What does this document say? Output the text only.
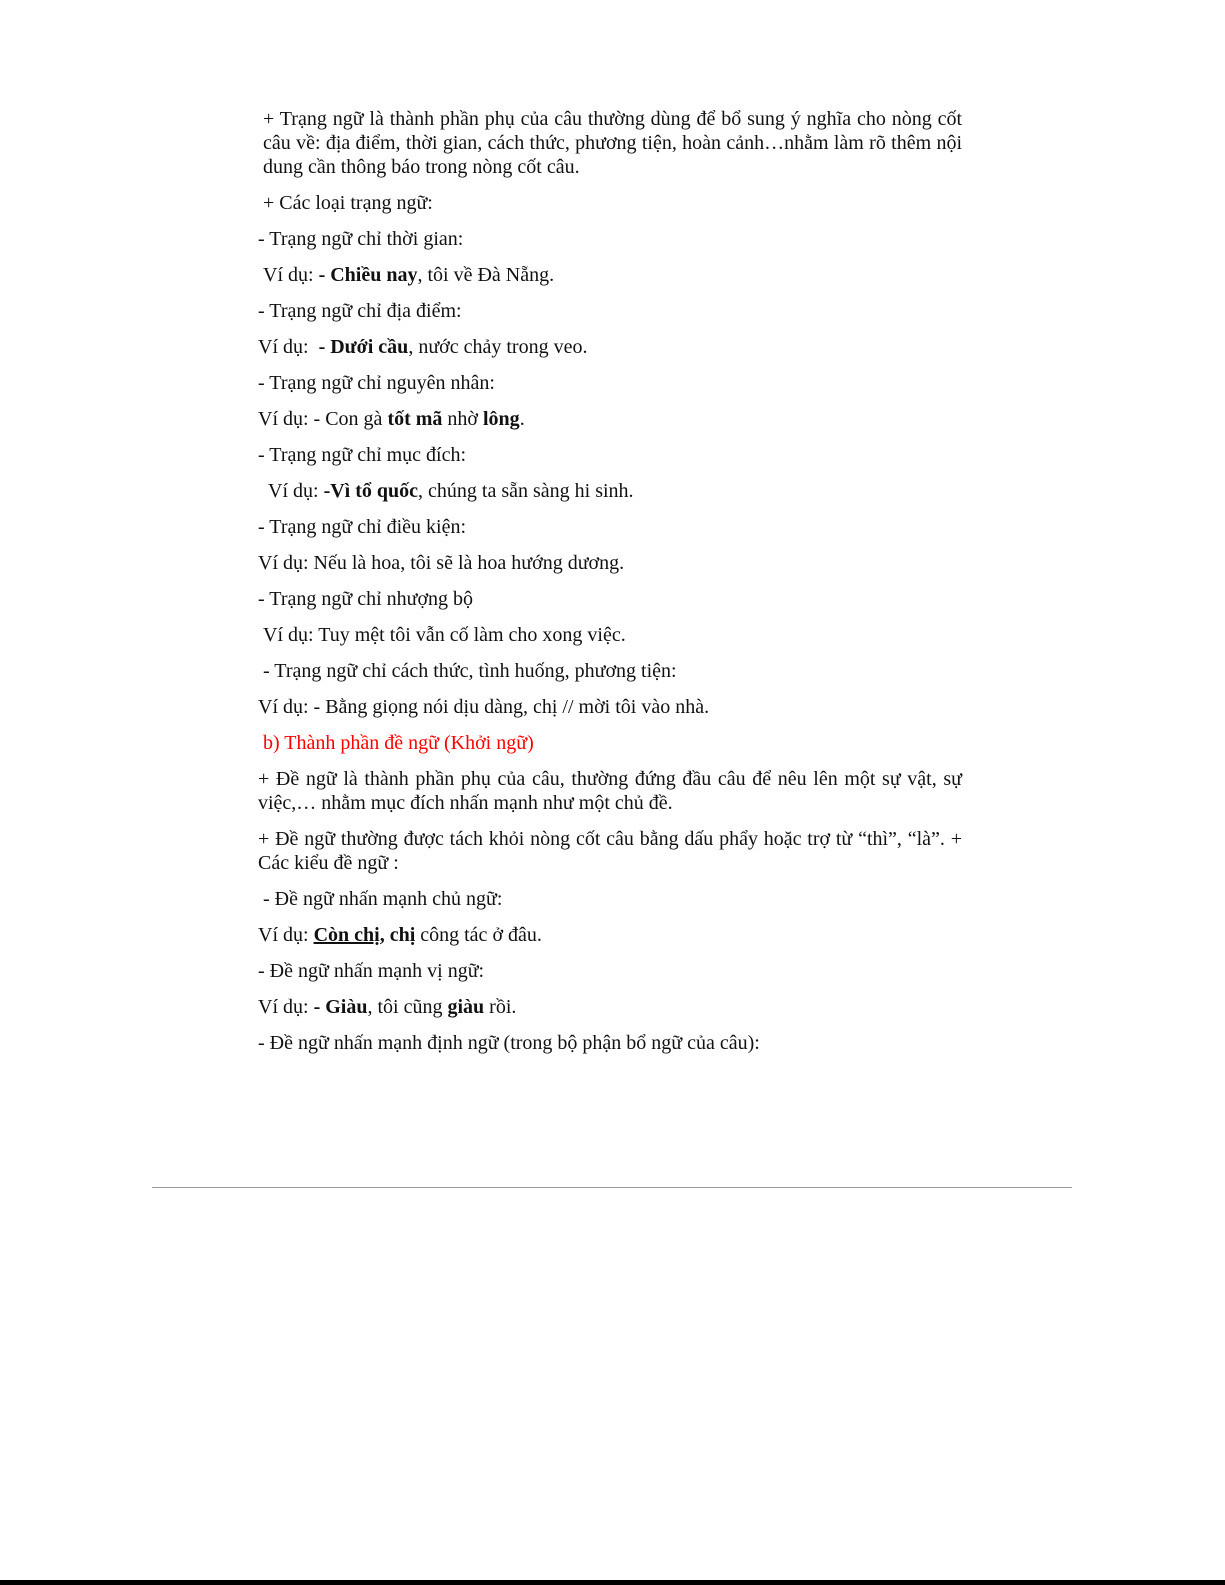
+ Trạng ngữ là thành phần phụ của câu thường dùng để bổ sung ý nghĩa cho nòng cốt câu về: địa điểm, thời gian, cách thức, phương tiện, hoàn cảnh…nhằm làm rõ thêm nội dung cần thông báo trong nòng cốt câu.

+ Các loại trạng ngữ:

- Trạng ngữ chỉ thời gian:

Ví dụ: - Chiều nay, tôi về Đà Nẵng.

- Trạng ngữ chỉ địa điểm:

Ví dụ:  - Dưới cầu, nước chảy trong veo.

- Trạng ngữ chỉ nguyên nhân:

Ví dụ: - Con gà tốt mã nhờ lông.

- Trạng ngữ chỉ mục đích:

Ví dụ: -Vì tổ quốc, chúng ta sẵn sàng hi sinh.

- Trạng ngữ chỉ điều kiện:

Ví dụ: Nếu là hoa, tôi sẽ là hoa hướng dương.

- Trạng ngữ chỉ nhượng bộ

Ví dụ: Tuy mệt tôi vẫn cố làm cho xong việc.

- Trạng ngữ chỉ cách thức, tình huống, phương tiện:

Ví dụ: - Bằng giọng nói dịu dàng, chị // mời tôi vào nhà.

b) Thành phần đề ngữ (Khởi ngữ)

+ Đề ngữ là thành phần phụ của câu, thường đứng đầu câu để nêu lên một sự vật, sự việc,… nhằm mục đích nhấn mạnh như một chủ đề.

+ Đề ngữ thường được tách khỏi nòng cốt câu bằng dấu phẩy hoặc trợ từ “thì”, “là”. + Các kiểu đề ngữ :

- Đề ngữ nhấn mạnh chủ ngữ:

Ví dụ: Còn chị, chị công tác ở đâu.

- Đề ngữ nhấn mạnh vị ngữ:

Ví dụ: - Giàu, tôi cũng giàu rồi.

- Đề ngữ nhấn mạnh định ngữ (trong bộ phận bổ ngữ của câu):
